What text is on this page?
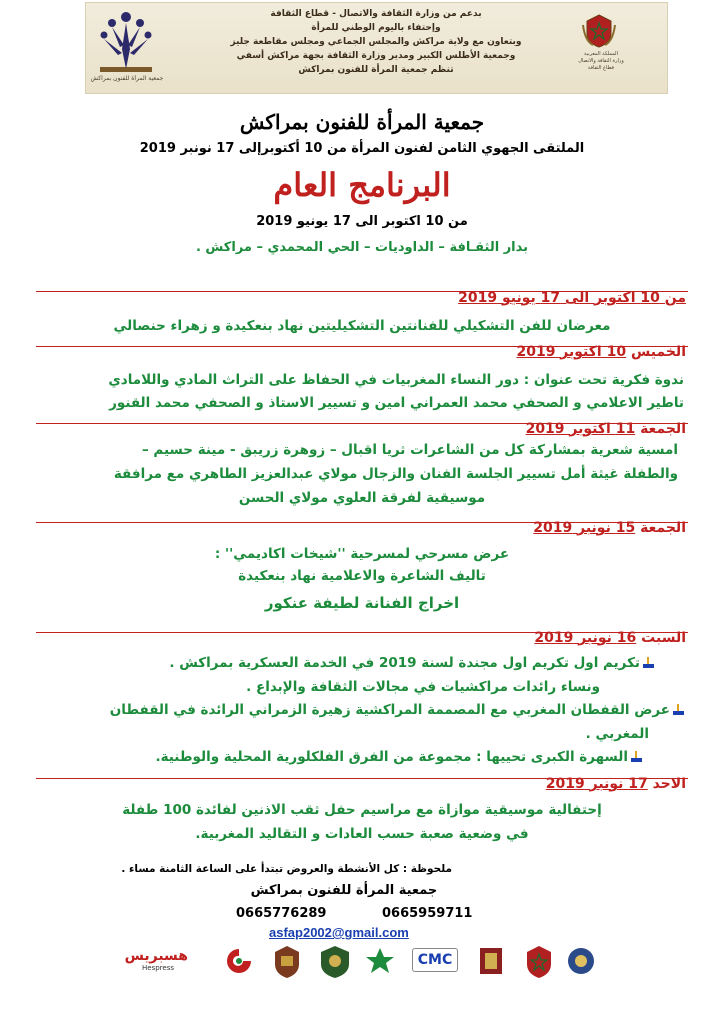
جمعية المرأة للفنون بمراكش
بدعم من وزارة الثقافة والاتصال - قطاع الثقافة
وإحتفاء باليوم الوطني للمرأة
وبتعاون مع ولاية مراكش والمجلس الجماعي ومجلس مقاطعة جليز
وجمعية الأطلس الكبير ومدير وزارة الثقافة بجهة مراكش أسفي
تنظم جمعية المرأة للفنون بمراكش
المملكة المغربية
وزارة الثقافة والاتصال
قطاع الثقافة
جمعية المرأة للفنون بمراكش
الملتقى الجهوي الثامن لفنون المرأة من 10 أكتوبرإلى 17 نونبر 2019
البرنامج العام
من 10 اكتوبر الى 17 يونيو 2019
بدار الثقـافة – الداوديات – الحي المحمدي – مراكش .
من 10 اكتوبر الى 17 يونيو 2019
معرضان للفن التشكيلي للفنانتين التشكيليتين نهاد بنعكيدة و زهراء حنصالي
الخميس 10 اكتوبر 2019
ندوة فكرية تحت عنوان : دور النساء المغربيات في الحفاظ على التراث المادي واللامادي
تاطير الاعلامي و الصحفي محمد العمراني امين و تسيير الاستاذ و الصحفي محمد القنور
الجمعة 11 اكتوبر 2019
امسية شعرية بمشاركة كل من الشاعرات ثريا اقبال – زوهرة زريبق - مينة حسيم –
والطفلة غيثة أمل تسيير الجلسة الفنان والزجال مولاي عبدالعزيز الطاهري مع مرافقة
موسيقية لفرقة العلوي مولاي الحسن
الجمعة 15 نونبر 2019
عرض مسرحي لمسرحية ''شيخات اكاديمي'' :
تاليف الشاعرة والاعلامية نهاد بنعكيدة
اخراج الفنانة لطيفة عنكور
السبت 16 نونبر 2019
تكريم اول تكريم اول مجندة لسنة 2019 في الخدمة العسكرية بمراكش .
ونساء رائدات مراكشيات في مجالات الثقافة والإبداع .
عرض القفطان المغربي مع المصممة المراكشية زهيرة الزمراني الرائدة في القفطان
المغربي .
السهرة الكبرى تحييها : مجموعة من الفرق الفلكلورية المحلية والوطنية.
الاحد 17 نونبر 2019
إحتفالية موسيقية موازاة مع مراسيم حفل ثقب الاذنين لفائدة 100 طفلة
في وضعية صعبة حسب العادات و التقاليد المغربية.
ملحوظة : كل الأنشطة والعروض تبتدأ على الساعة الثامنة مساء .
جمعية المرأة للفنون بمراكش
0665776289	0665959711
asfap2002@gmail.com
هسبريس
Hespress	CMC
